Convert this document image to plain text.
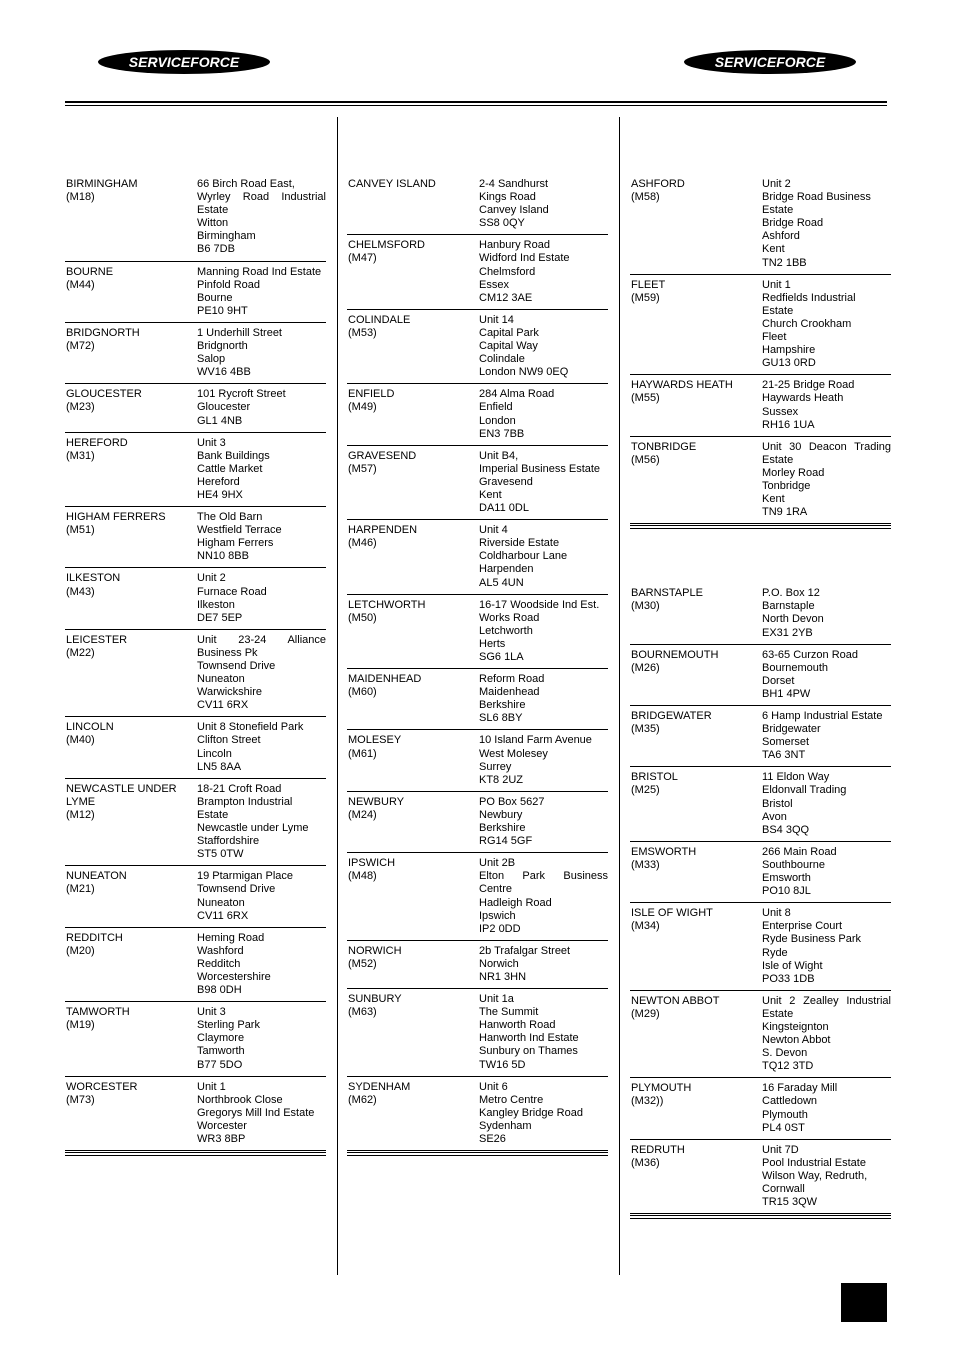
SERVICEFORCE	SERVICEFORCE
BIRMINGHAM
(M18)
66 Birch Road East,
Wyrley Road Industrial
Estate
Witton
Birmingham
B6 7DB
BOURNE
(M44)
Manning Road Ind Estate
Pinfold Road
Bourne
PE10 9HT
BRIDGNORTH
(M72)
1 Underhill Street
Bridgnorth
Salop
WV16 4BB
GLOUCESTER
(M23)
101 Rycroft Street
Gloucester
GL1 4NB
HEREFORD
(M31)
Unit 3
Bank Buildings
Cattle Market
Hereford
HE4 9HX
HIGHAM FERRERS
(M51)
The Old Barn
Westfield Terrace
Higham Ferrers
NN10 8BB
ILKESTON
(M43)
Unit 2
Furnace Road
Ilkeston
DE7 5EP
LEICESTER
(M22)
Unit 23-24 Alliance
Business Pk
Townsend Drive
Nuneaton
Warwickshire
CV11 6RX
LINCOLN
(M40)
Unit 8 Stonefield Park
Clifton Street
Lincoln
LN5 8AA
NEWCASTLE UNDER
LYME
(M12)
18-21 Croft Road
Brampton Industrial
Estate
Newcastle under Lyme
Staffordshire
ST5 0TW
NUNEATON
(M21)
19 Ptarmigan Place
Townsend Drive
Nuneaton
CV11 6RX
REDDITCH
(M20)
Heming Road
Washford
Redditch
Worcestershire
B98 0DH
TAMWORTH
(M19)
Unit 3
Sterling Park
Claymore
Tamworth
B77 5DO
WORCESTER
(M73)
Unit 1
Northbrook Close
Gregorys Mill Ind Estate
Worcester
WR3 8BP
CANVEY ISLAND	2-4 Sandhurst
Kings Road
Canvey Island
SS8 0QY
CHELMSFORD
(M47)
Hanbury Road
Widford Ind Estate
Chelmsford
Essex
CM12 3AE
COLINDALE
(M53)
Unit 14
Capital Park
Capital Way
Colindale
London NW9 0EQ
ENFIELD
(M49)
284 Alma Road
Enfield
London
EN3 7BB
GRAVESEND
(M57)
Unit B4,
Imperial Business Estate
Gravesend
Kent
DA11 0DL
HARPENDEN
(M46)
Unit 4
Riverside Estate
Coldharbour Lane
Harpenden
AL5 4UN
LETCHWORTH
(M50)
16-17 Woodside Ind Est.
Works Road
Letchworth
Herts
SG6 1LA
MAIDENHEAD
(M60)
Reform Road
Maidenhead
Berkshire
SL6 8BY
MOLESEY
(M61)
10 Island Farm Avenue
West Molesey
Surrey
KT8 2UZ
NEWBURY
(M24)
PO Box 5627
Newbury
Berkshire
RG14 5GF
IPSWICH
(M48)
Unit 2B
Elton Park Business
Centre
Hadleigh Road
Ipswich
IP2 0DD
NORWICH
(M52)
2b Trafalgar Street
Norwich
NR1 3HN
SUNBURY
(M63)
Unit 1a
The Summit
Hanworth Road
Hanworth Ind Estate
Sunbury on Thames
TW16 5D
SYDENHAM
(M62)
Unit 6
Metro Centre
Kangley Bridge Road
Sydenham
SE26
ASHFORD
(M58)
Unit 2
Bridge Road Business
Estate
Bridge Road
Ashford
Kent
TN2 1BB
FLEET
(M59)
Unit 1
Redfields Industrial
Estate
Church Crookham
Fleet
Hampshire
GU13 0RD
HAYWARDS HEATH
(M55)
21-25 Bridge Road
Haywards Heath
Sussex
RH16 1UA
TONBRIDGE
(M56)
Unit 30 Deacon Trading
Estate
Morley Road
Tonbridge
Kent
TN9 1RA
BARNSTAPLE
(M30)
P.O. Box 12
Barnstaple
North Devon
EX31 2YB
BOURNEMOUTH
(M26)
63-65 Curzon Road
Bournemouth
Dorset
BH1 4PW
BRIDGEWATER
(M35)
6 Hamp Industrial Estate
Bridgewater
Somerset
TA6 3NT
BRISTOL
(M25)
11 Eldon Way
Eldonvall Trading
Bristol
Avon
BS4 3QQ
EMSWORTH
(M33)
266 Main Road
Southbourne
Emsworth
PO10 8JL
ISLE OF WIGHT
(M34)
Unit 8
Enterprise Court
Ryde Business Park
Ryde
Isle of Wight
PO33 1DB
NEWTON ABBOT
(M29)
Unit 2 Zealley Industrial
Estate
Kingsteignton
Newton Abbot
S. Devon
TQ12 3TD
PLYMOUTH
(M32))
16 Faraday Mill
Cattledown
Plymouth
PL4 0ST
REDRUTH
(M36)
Unit 7D
Pool Industrial Estate
Wilson Way, Redruth,
Cornwall
TR15 3QW
